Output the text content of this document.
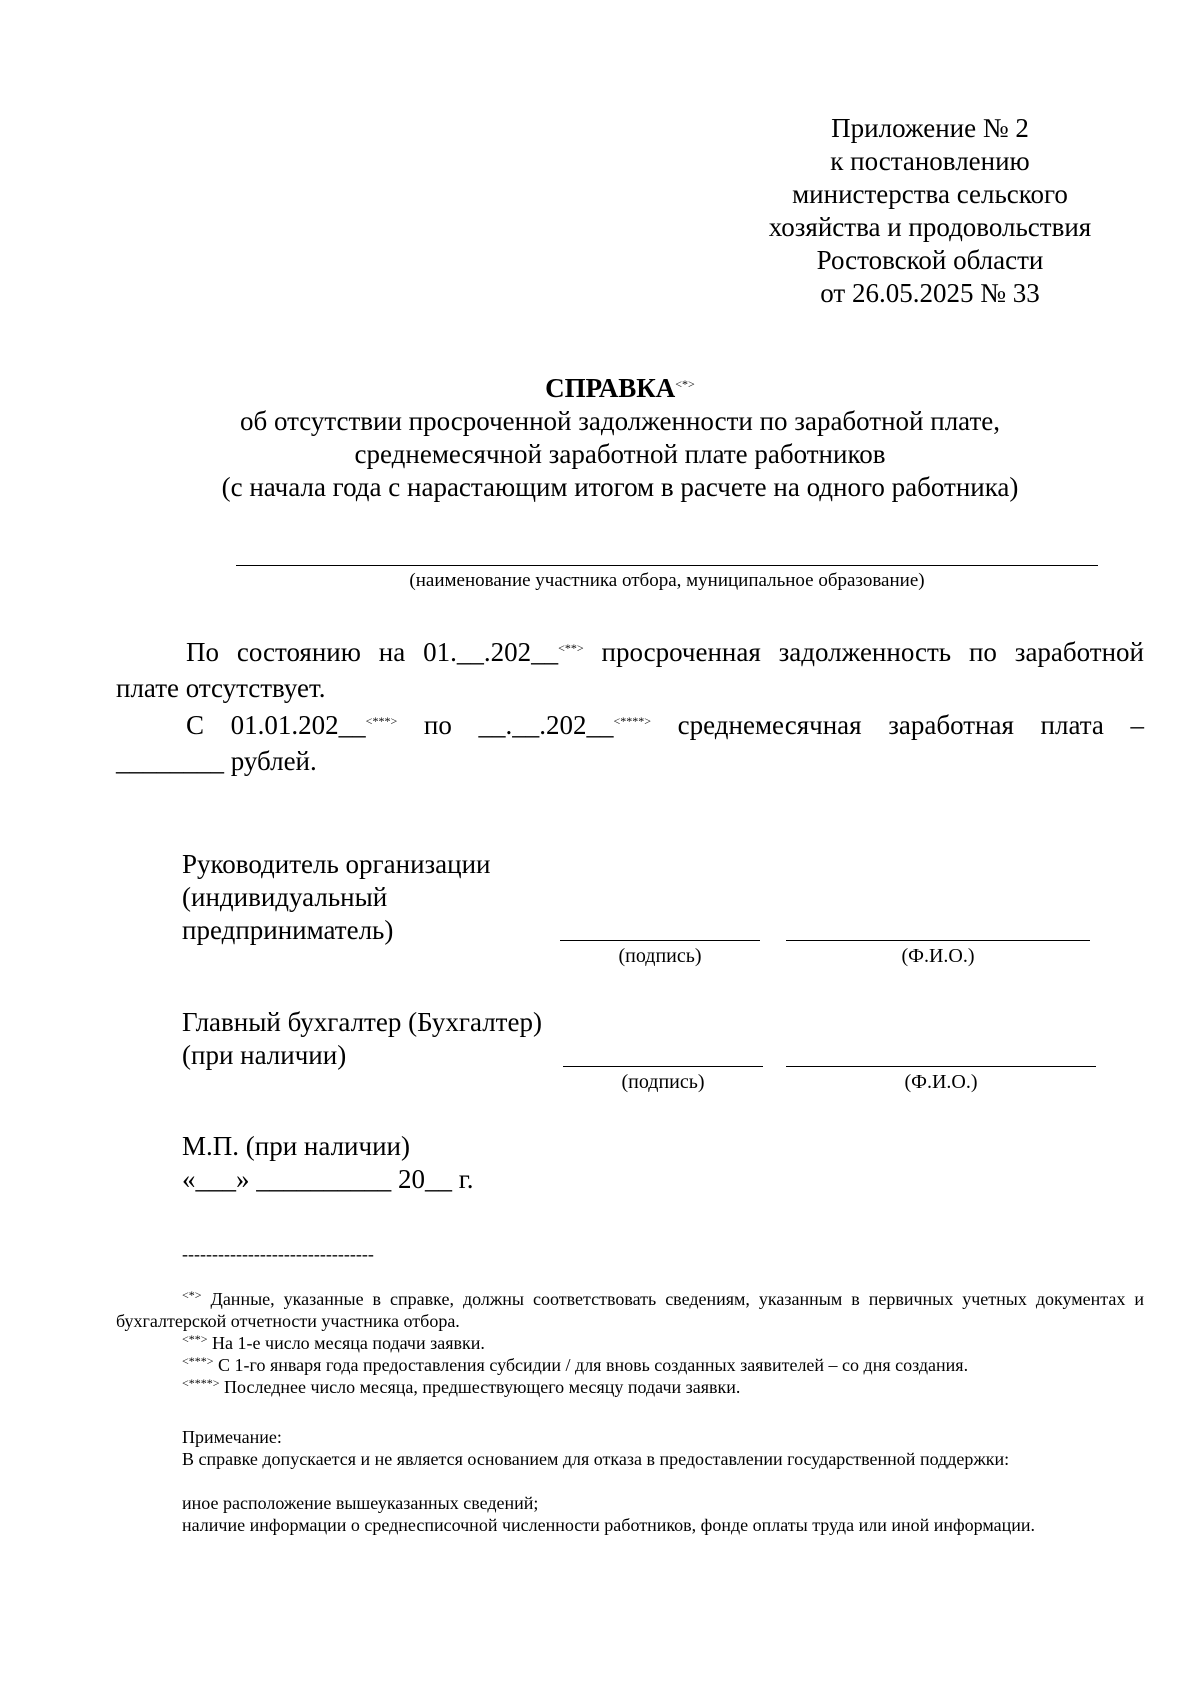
Приложение № 2
к постановлению
министерства сельского
хозяйства и продовольствия
Ростовской области
от 26.05.2025 № 33
СПРАВКА<*>
об отсутствии просроченной задолженности по заработной плате,
среднемесячной заработной плате работников
(с начала года с нарастающим итогом в расчете на одного работника)
(наименование участника отбора, муниципальное образование)
По состоянию на 01.__.202__<**> просроченная задолженность по заработной
плате отсутствует.
С 01.01.202__<***> по __.__.202__<****> среднемесячная заработная плата –
________ рублей.
Руководитель организации
(индивидуальный
предприниматель)
(подпись)	(Ф.И.О.)
Главный бухгалтер (Бухгалтер)
(при наличии)
(подпись)	(Ф.И.О.)
М.П. (при наличии)
«___» __________ 20__ г.
--------------------------------
<*> Данные, указанные в справке, должны соответствовать сведениям, указанным в первичных учетных документах и бухгалтерской отчетности участника отбора.
<**> На 1-е число месяца подачи заявки.
<***> С 1-го января года предоставления субсидии / для вновь созданных заявителей – со дня создания.
<****> Последнее число месяца, предшествующего месяцу подачи заявки.
Примечание:
В справке допускается и не является основанием для отказа в предоставлении государственной поддержки:
иное расположение вышеуказанных сведений;
наличие информации о среднесписочной численности работников, фонде оплаты труда или иной информации.
